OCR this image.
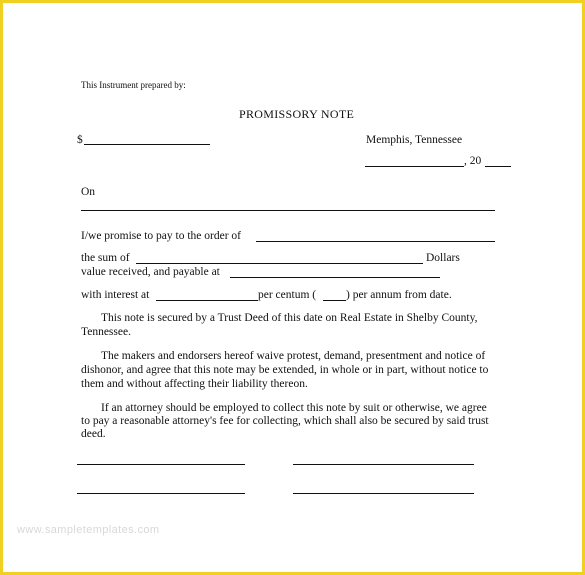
This Instrument prepared by:
PROMISSORY NOTE
$	Memphis, Tennessee
, 20
On
I/we promise to pay to the order of
the sum of	Dollars
value received, and payable at
with interest at	per centum (	) per annum from date.
This note is secured by a Trust Deed of this date on Real Estate in Shelby County,
Tennessee.
The makers and endorsers hereof waive protest, demand, presentment and notice of
dishonor, and agree that this note may be extended, in whole or in part, without notice to
them and without affecting their liability thereon.
If an attorney should be employed to collect this note by suit or otherwise, we agree
to pay a reasonable attorney's fee for collecting, which shall also be secured by said trust
deed.
www.sampletemplates.com
